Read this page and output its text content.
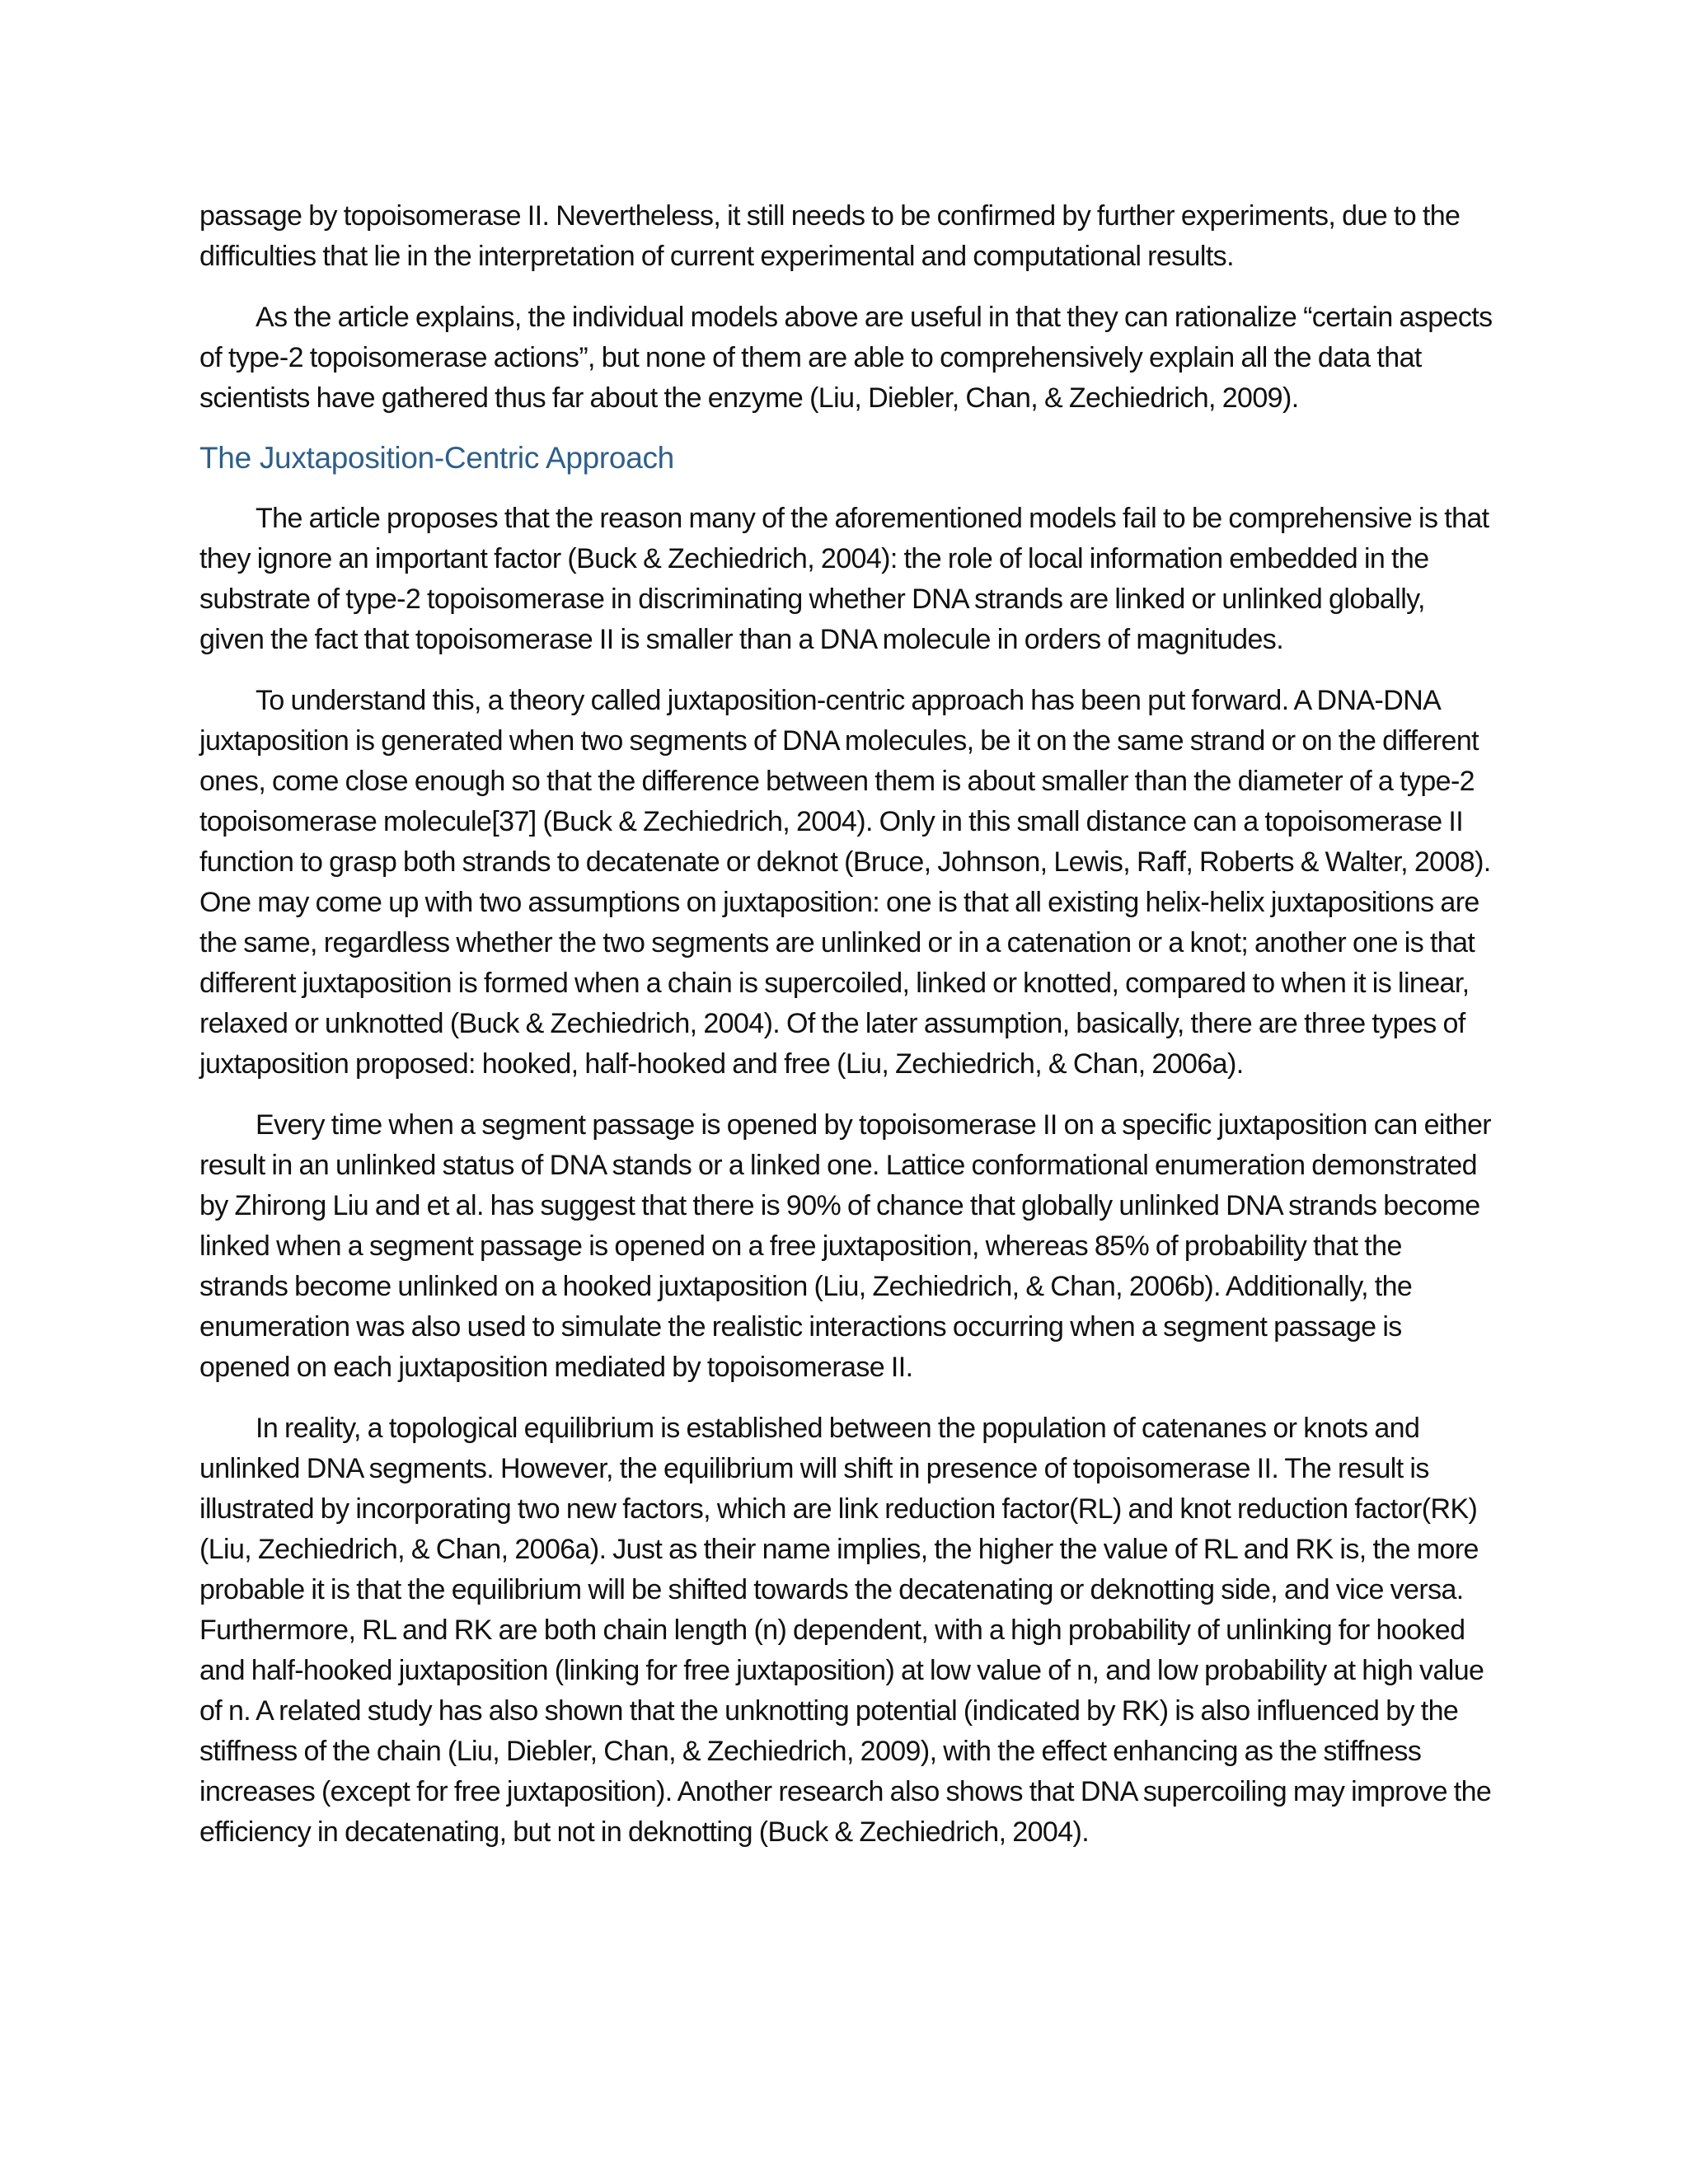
passage by topoisomerase II. Nevertheless, it still needs to be confirmed by further experiments, due to the difficulties that lie in the interpretation of current experimental and computational results.

As the article explains, the individual models above are useful in that they can rationalize “certain aspects of type-2 topoisomerase actions”, but none of them are able to comprehensively explain all the data that scientists have gathered thus far about the enzyme (Liu, Diebler, Chan, & Zechiedrich, 2009).

The Juxtaposition-Centric Approach

The article proposes that the reason many of the aforementioned models fail to be comprehensive is that they ignore an important factor (Buck & Zechiedrich, 2004): the role of local information embedded in the substrate of type-2 topoisomerase in discriminating whether DNA strands are linked or unlinked globally, given the fact that topoisomerase II is smaller than a DNA molecule in orders of magnitudes.

To understand this, a theory called juxtaposition-centric approach has been put forward. A DNA-DNA juxtaposition is generated when two segments of DNA molecules, be it on the same strand or on the different ones, come close enough so that the difference between them is about smaller than the diameter of a type-2 topoisomerase molecule[37] (Buck & Zechiedrich, 2004). Only in this small distance can a topoisomerase II function to grasp both strands to decatenate or deknot (Bruce, Johnson, Lewis, Raff, Roberts & Walter, 2008). One may come up with two assumptions on juxtaposition: one is that all existing helix-helix juxtapositions are the same, regardless whether the two segments are unlinked or in a catenation or a knot; another one is that different juxtaposition is formed when a chain is supercoiled, linked or knotted, compared to when it is linear, relaxed or unknotted (Buck & Zechiedrich, 2004). Of the later assumption, basically, there are three types of juxtaposition proposed: hooked, half-hooked and free (Liu, Zechiedrich, & Chan, 2006a).

Every time when a segment passage is opened by topoisomerase II on a specific juxtaposition can either result in an unlinked status of DNA stands or a linked one. Lattice conformational enumeration demonstrated by Zhirong Liu and et al. has suggest that there is 90% of chance that globally unlinked DNA strands become linked when a segment passage is opened on a free juxtaposition, whereas 85% of probability that the strands become unlinked on a hooked juxtaposition (Liu, Zechiedrich, & Chan, 2006b). Additionally, the enumeration was also used to simulate the realistic interactions occurring when a segment passage is opened on each juxtaposition mediated by topoisomerase II.

In reality, a topological equilibrium is established between the population of catenanes or knots and unlinked DNA segments. However, the equilibrium will shift in presence of topoisomerase II. The result is illustrated by incorporating two new factors, which are link reduction factor(RL) and knot reduction factor(RK) (Liu, Zechiedrich, & Chan, 2006a). Just as their name implies, the higher the value of RL and RK is, the more probable it is that the equilibrium will be shifted towards the decatenating or deknotting side, and vice versa. Furthermore, RL and RK are both chain length (n) dependent, with a high probability of unlinking for hooked and half-hooked juxtaposition (linking for free juxtaposition) at low value of n, and low probability at high value of n. A related study has also shown that the unknotting potential (indicated by RK) is also influenced by the stiffness of the chain (Liu, Diebler, Chan, & Zechiedrich, 2009), with the effect enhancing as the stiffness increases (except for free juxtaposition). Another research also shows that DNA supercoiling may improve the efficiency in decatenating, but not in deknotting (Buck & Zechiedrich, 2004).
